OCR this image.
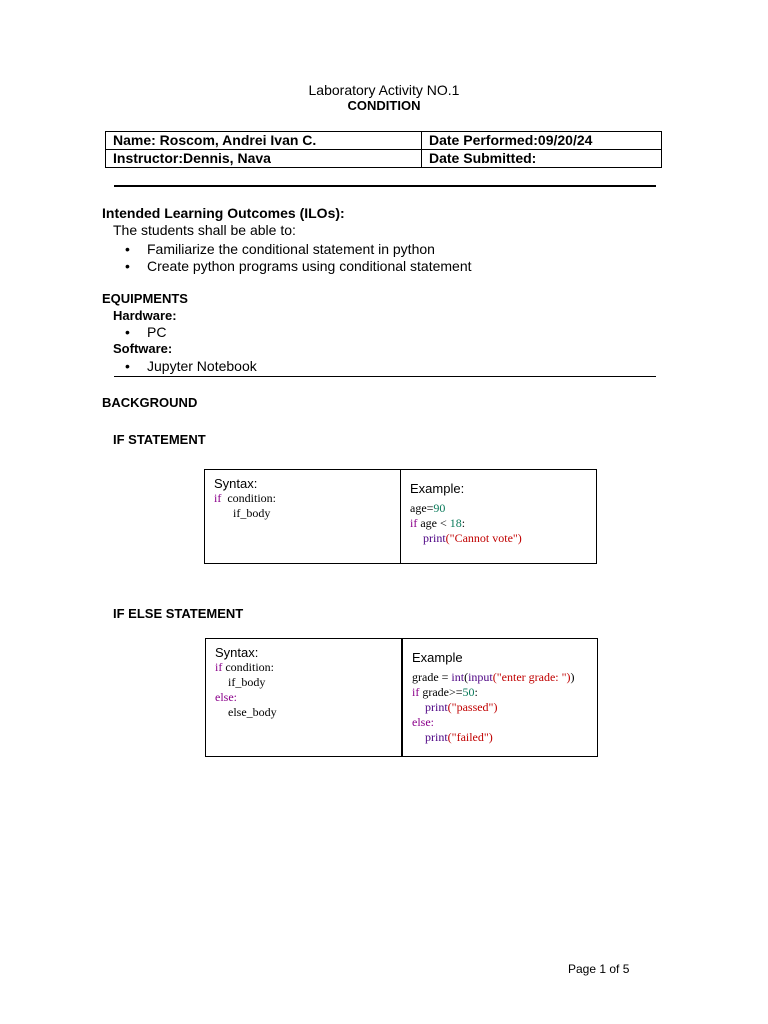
Laboratory Activity NO.1
CONDITION
Name: Roscom, Andrei Ivan C.	Date Performed:09/20/24
Instructor:Dennis, Nava	Date Submitted:
Intended Learning Outcomes (ILOs):
The students shall be able to:
• Familiarize the conditional statement in python
• Create python programs using conditional statement
EQUIPMENTS
Hardware:
• PC
Software:
• Jupyter Notebook
BACKGROUND
IF STATEMENT
Syntax:
if  condition:
if_body
Example:
age=90
if age < 18:
print("Cannot vote")
IF ELSE STATEMENT
Syntax:
if condition:
if_body
else:
else_body
Example
grade = int(input("enter grade: "))
if grade>=50:
print("passed")
else:
print("failed")
Page 1 of 5
